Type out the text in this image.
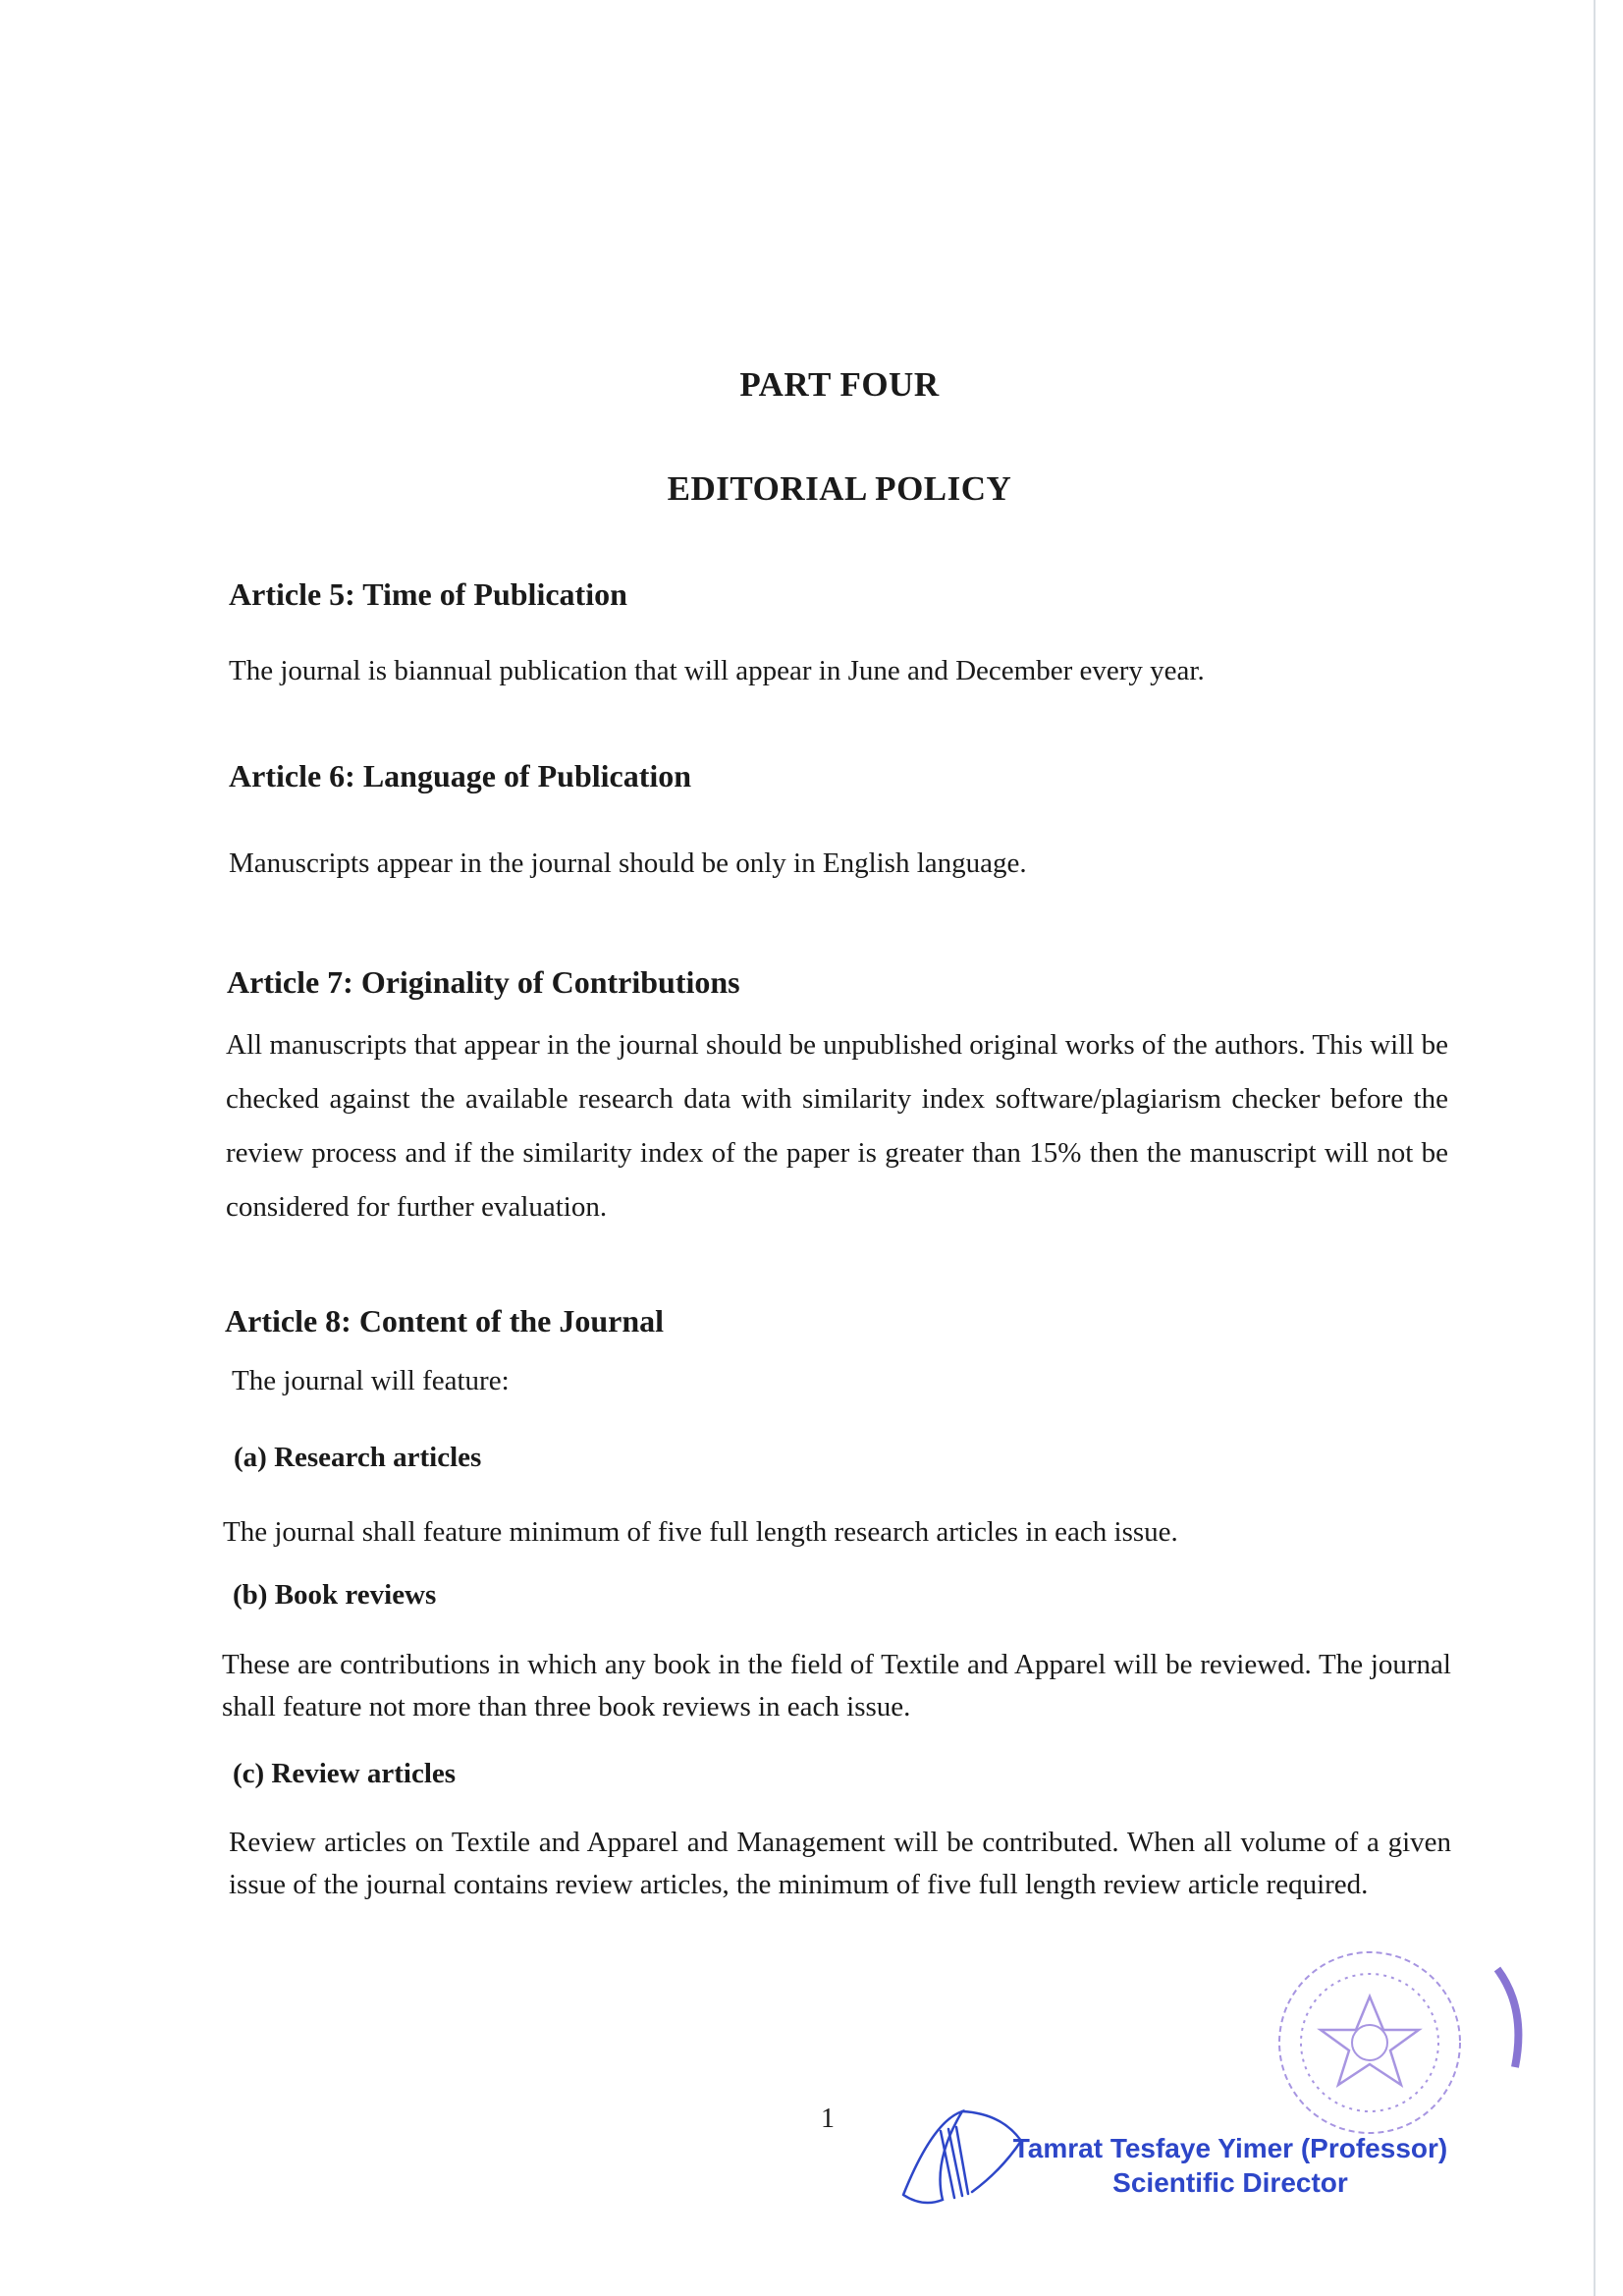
PART FOUR
EDITORIAL POLICY
Article 5: Time of Publication
The journal is biannual publication that will appear in June and December every year.
Article 6: Language of Publication
Manuscripts appear in the journal should be only in English language.
Article 7: Originality of Contributions
All manuscripts that appear in the journal should be unpublished original works of the authors. This will be checked against the available research data with similarity index software/plagiarism checker before the review process and if the similarity index of the paper is greater than 15% then the manuscript will not be considered for further evaluation.
Article 8: Content of the Journal
The journal will feature:
(a) Research articles
The journal shall feature minimum of five full length research articles in each issue.
(b) Book reviews
These are contributions in which any book in the field of Textile and Apparel will be reviewed. The journal shall feature not more than three book reviews in each issue.
(c) Review articles
Review articles on Textile and Apparel and Management will be contributed. When all volume of a given issue of the journal contains review articles, the minimum of five full length review article required.
1
Tamrat Tesfaye Yimer (Professor)
Scientific Director
